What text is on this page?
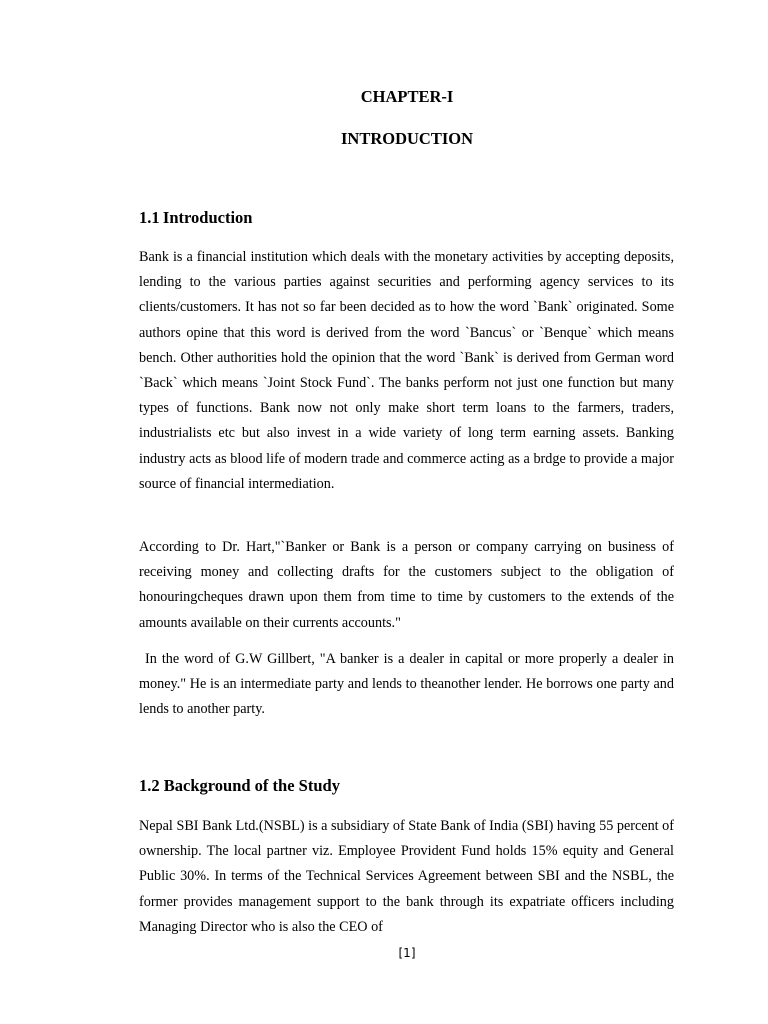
CHAPTER-I
INTRODUCTION
1.1 Introduction

Bank is a financial institution which deals with the monetary activities by accepting deposits, lending to the various parties against securities and performing agency services to its clients/customers. It has not so far been decided as to how the word `Bank` originated. Some authors opine that this word is derived from the word `Bancus` or `Benque` which means bench. Other authorities hold the opinion that the word `Bank` is derived from German word `Back` which means `Joint Stock Fund`. The banks perform not just one function but many types of functions. Bank now not only make short term loans to the farmers, traders, industrialists etc but also invest in a wide variety of long term earning assets. Banking industry acts as blood life of modern trade and commerce acting as a brdge to provide a major source of financial intermediation.

According to Dr. Hart,"`Banker or Bank is a person or company carrying on business of receiving money and collecting drafts for the customers subject to the obligation of honouringcheques drawn upon them from time to time by customers to the extends of the amounts available on their currents accounts."

In the word of G.W Gillbert, "A banker is a dealer in capital or more properly a dealer in money." He is an intermediate party and lends to theanother lender. He borrows one party and lends to another party.

1.2 Background of the Study

Nepal SBI Bank Ltd.(NSBL) is a subsidiary of State Bank of India (SBI) having 55 percent of ownership. The local partner viz. Employee Provident Fund holds 15% equity and General Public 30%. In terms of the Technical Services Agreement between SBI and the NSBL, the former provides management support to the bank through its expatriate officers including Managing Director who is also the CEO of

[1]
